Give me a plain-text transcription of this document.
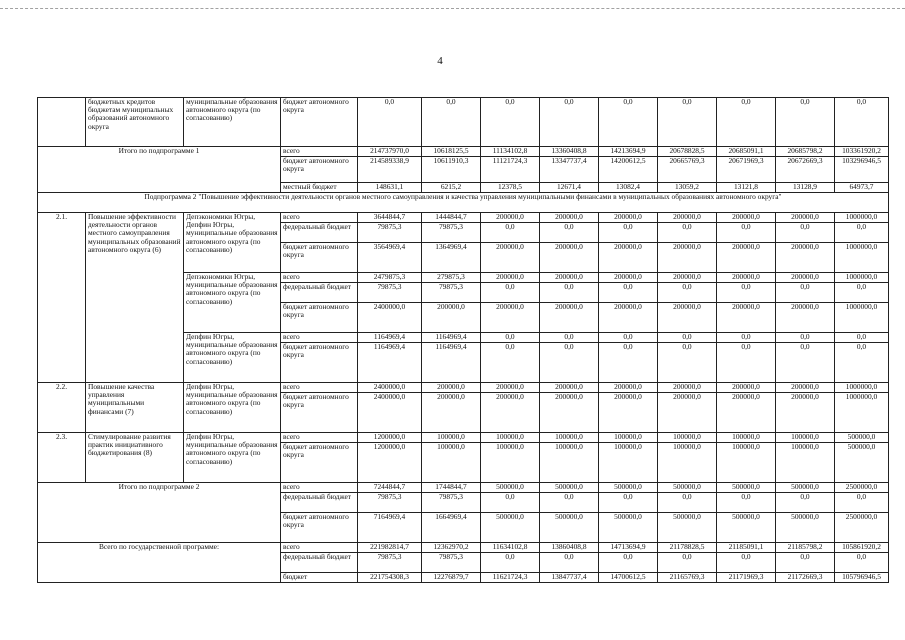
4
	бюджетных кредитов бюджетам муниципальных образований автономного округа	муниципальные образования автономного округа (по согласованию)	бюджет автономного округа	0,0	0,0	0,0	0,0	0,0	0,0	0,0	0,0	0,0
Итого по подпрограмме 1			всего	214737970,0	10618125,5	11134102,8	13360408,8	14213694,9	20678828,5	20685091,1	20685798,2	103361920,2
			бюджет автономного округа	214589338,9	10611910,3	11121724,3	13347737,4	14200612,5	20665769,3	20671969,3	20672669,3	103296946,5
			местный бюджет	148631,1	6215,2	12378,5	12671,4	13082,4	13059,2	13121,8	13128,9	64973,7
Подпрограмма 2 "Повышение эффективности деятельности органов местного самоуправления и качества управления муниципальными финансами в муниципальных образованиях автономного округа"												
2.1.	Повышение эффективности деятельности органов местного самоуправления муниципальных образований автономного округа (6)	Депэкономики Югры, Депфин Югры, муниципальные образования автономного округа (по согласованию)	всего	3644844,7	1444844,7	200000,0	200000,0	200000,0	200000,0	200000,0	200000,0	1000000,0
			федеральный бюджет	79875,3	79875,3	0,0	0,0	0,0	0,0	0,0	0,0	0,0
			бюджет автономного округа	3564969,4	1364969,4	200000,0	200000,0	200000,0	200000,0	200000,0	200000,0	1000000,0
		Депэкономики Югры, муниципальные образования автономного округа (по согласованию)	всего	2479875,3	279875,3	200000,0	200000,0	200000,0	200000,0	200000,0	200000,0	1000000,0
			федеральный бюджет	79875,3	79875,3	0,0	0,0	0,0	0,0	0,0	0,0	0,0
			бюджет автономного округа	2400000,0	200000,0	200000,0	200000,0	200000,0	200000,0	200000,0	200000,0	1000000,0
		Депфин Югры, муниципальные образования автономного округа (по согласованию)	всего	1164969,4	1164969,4	0,0	0,0	0,0	0,0	0,0	0,0	0,0
			бюджет автономного округа	1164969,4	1164969,4	0,0	0,0	0,0	0,0	0,0	0,0	0,0
2.2.	Повышение качества управления муниципальными финансами (7)	Депфин Югры, муниципальные образования автономного округа (по согласованию)	всего	2400000,0	200000,0	200000,0	200000,0	200000,0	200000,0	200000,0	200000,0	1000000,0
			бюджет автономного округа	2400000,0	200000,0	200000,0	200000,0	200000,0	200000,0	200000,0	200000,0	1000000,0
2.3.	Стимулирование развития практик инициативного бюджетирования (8)	Депфин Югры, муниципальные образования автономного округа (по согласованию)	всего	1200000,0	100000,0	100000,0	100000,0	100000,0	100000,0	100000,0	100000,0	500000,0
			бюджет автономного округа	1200000,0	100000,0	100000,0	100000,0	100000,0	100000,0	100000,0	100000,0	500000,0
Итого по подпрограмме 2			всего	7244844,7	1744844,7	500000,0	500000,0	500000,0	500000,0	500000,0	500000,0	2500000,0
			федеральный бюджет	79875,3	79875,3	0,0	0,0	0,0	0,0	0,0	0,0	0,0
			бюджет автономного округа	7164969,4	1664969,4	500000,0	500000,0	500000,0	500000,0	500000,0	500000,0	2500000,0
Всего по государственной программе:			всего	221982814,7	12362970,2	11634102,8	13860408,8	14713694,9	21178828,5	21185091,1	21185798,2	105861920,2
			федеральный бюджет	79875,3	79875,3	0,0	0,0	0,0	0,0	0,0	0,0	0,0
			бюджет	221754308,3	12276879,7	11621724,3	13847737,4	14700612,5	21165769,3	21171969,3	21172669,3	105796946,5
